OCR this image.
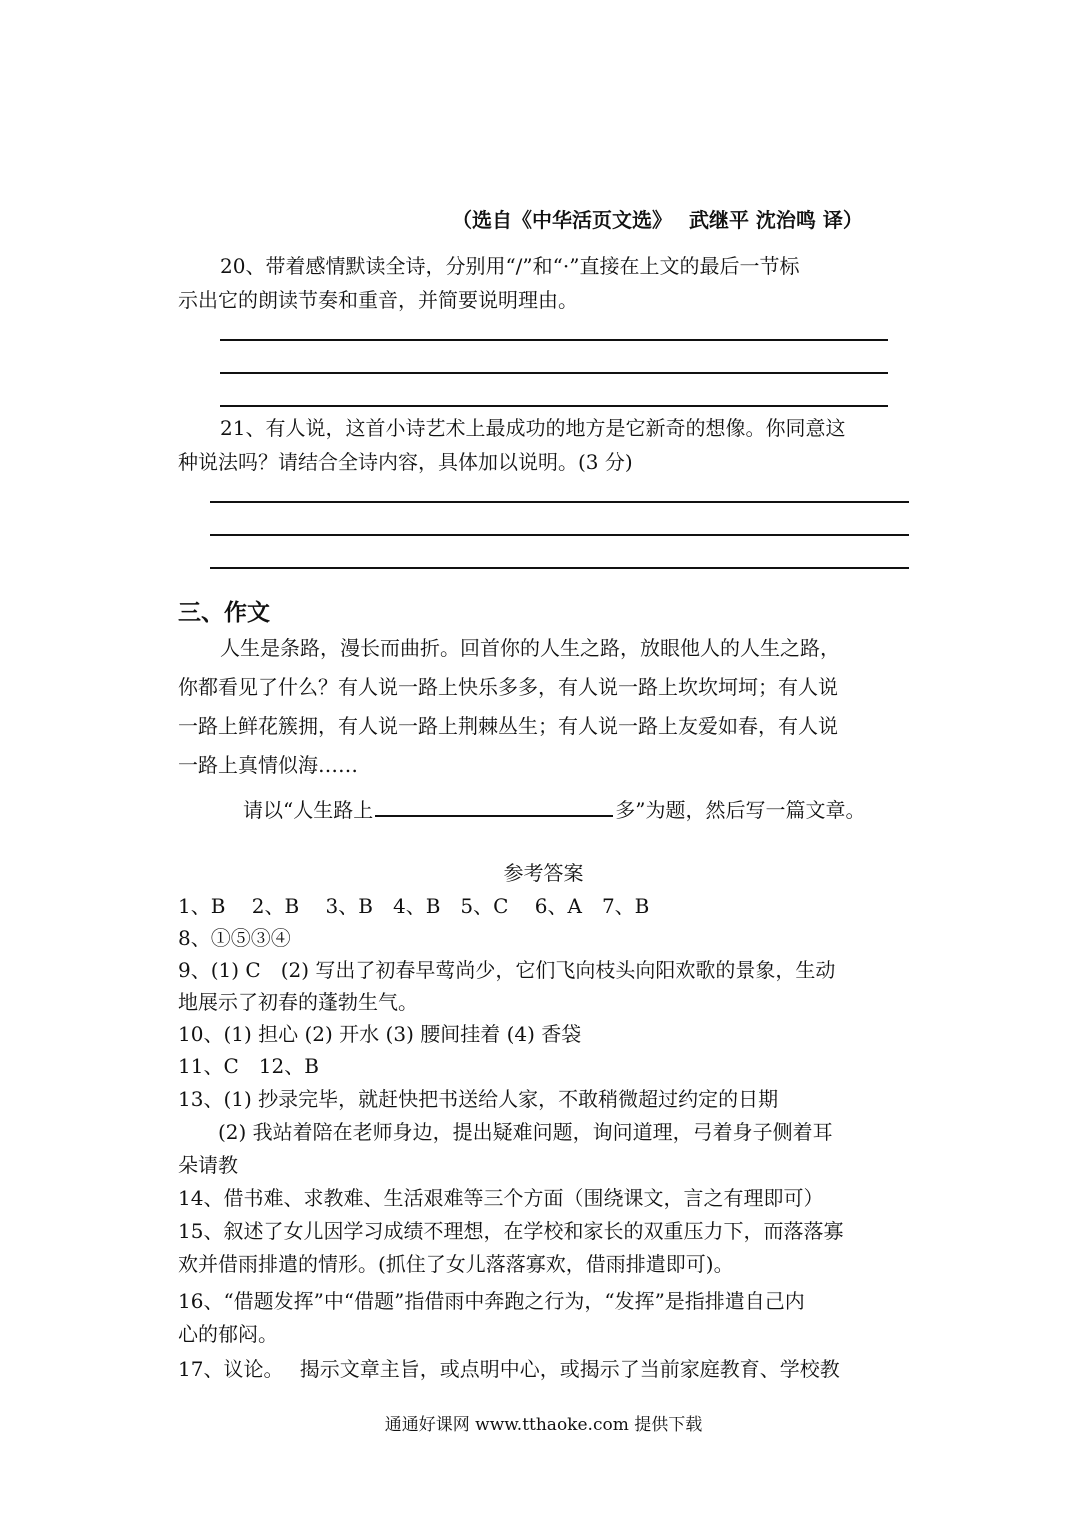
（选自《中华活页文选》　 武继平 沈治鸣 译）
20、带着感情默读全诗，分别用“/”和“·”直接在上文的最后一节标
示出它的朗读节奏和重音，并简要说明理由。
21、有人说，这首小诗艺术上最成功的地方是它新奇的想像。你同意这
种说法吗？请结合全诗内容，具体加以说明。(3 分)
三、作文
人生是条路，漫长而曲折。回首你的人生之路，放眼他人的人生之路，
你都看见了什么？有人说一路上快乐多多，有人说一路上坎坎坷坷；有人说
一路上鲜花簇拥，有人说一路上荆棘丛生；有人说一路上友爱如春，有人说
一路上真情似海……
请以“人生路上	多”为题，然后写一篇文章。
参考答案
1、B　 2、B　 3、B　4、B　5、C　 6、A　7、B
8、①⑤③④
9、(1) C　(2) 写出了初春早莺尚少，它们飞向枝头向阳欢歌的景象，生动
地展示了初春的蓬勃生气。
10、(1) 担心 (2) 开水 (3) 腰间挂着 (4) 香袋
11、C　12、B
13、(1) 抄录完毕，就赶快把书送给人家，不敢稍微超过约定的日期
　(2) 我站着陪在老师身边，提出疑难问题，询问道理，弓着身子侧着耳
朵请教
14、借书难、求教难、生活艰难等三个方面（围绕课文，言之有理即可）
15、叙述了女儿因学习成绩不理想，在学校和家长的双重压力下，而落落寡
欢并借雨排遣的情形。(抓住了女儿落落寡欢，借雨排遣即可)。
16、“借题发挥”中“借题”指借雨中奔跑之行为，“发挥”是指排遣自己内
心的郁闷。
17、议论。　 揭示文章主旨，或点明中心，或揭示了当前家庭教育、学校教
通通好课网 www.tthaoke.com 提供下载
